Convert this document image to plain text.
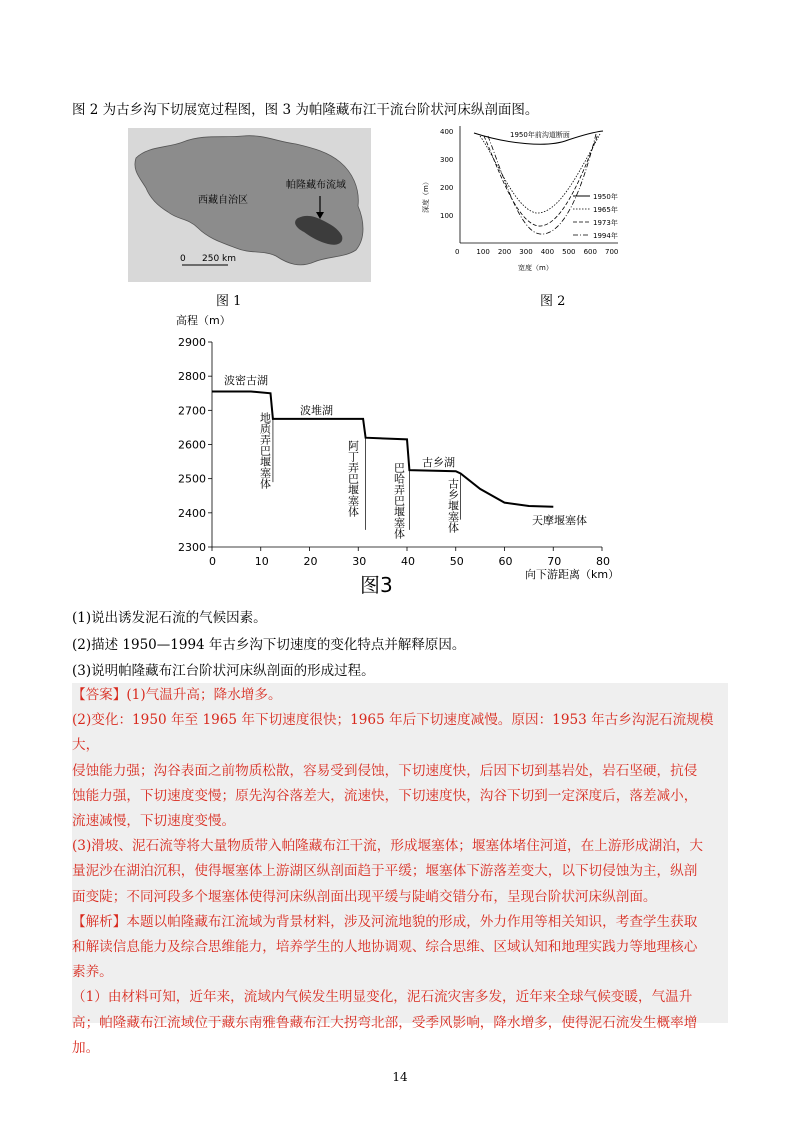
图 2 为古乡沟下切展宽过程图，图 3 为帕隆藏布江干流台阶状河床纵剖面图。
西藏自治区
帕隆藏布流域
0 250 km
图 1
400
300
200
100
0 100 200 300 400 500 600 700
深度（m）
宽度（m）
1950年前沟道断面
1950年
1965年
1973年
1994年
图 2
高程（m）
2300
2400
2500
2600
2700
2800
2900
0	10	20	30	40	50	60	70	80
向下游距离（km）
图3
波密古湖
波堆湖
古乡湖
天摩堰塞体
地质弄巴堰塞体	阿丁弄巴堰塞体	巴哈弄巴堰塞体	古乡堰塞体
(1)说出诱发泥石流的气候因素。
(2)描述 1950—1994 年古乡沟下切速度的变化特点并解释原因。
(3)说明帕隆藏布江台阶状河床纵剖面的形成过程。

【答案】(1)气温升高；降水增多。

(2)变化：1950 年至 1965 年下切速度很快；1965 年后下切速度减慢。原因：1953 年古乡沟泥石流规模大，

侵蚀能力强；沟谷表面之前物质松散，容易受到侵蚀，下切速度快，后因下切到基岩处，岩石坚硬，抗侵

蚀能力强，下切速度变慢；原先沟谷落差大，流速快，下切速度快，沟谷下切到一定深度后，落差减小，

流速减慢，下切速度变慢。

(3)滑坡、泥石流等将大量物质带入帕隆藏布江干流，形成堰塞体；堰塞体堵住河道，在上游形成湖泊，大

量泥沙在湖泊沉积，使得堰塞体上游湖区纵剖面趋于平缓；堰塞体下游落差变大，以下切侵蚀为主，纵剖

面变陡；不同河段多个堰塞体使得河床纵剖面出现平缓与陡峭交错分布，呈现台阶状河床纵剖面。

【解析】本题以帕隆藏布江流域为背景材料，涉及河流地貌的形成，外力作用等相关知识，考查学生获取

和解读信息能力及综合思维能力，培养学生的人地协调观、综合思维、区域认知和地理实践力等地理核心

素养。

（1）由材料可知，近年来，流域内气候发生明显变化，泥石流灾害多发，近年来全球气候变暖，气温升

高；帕隆藏布江流域位于藏东南雅鲁藏布江大拐弯北部，受季风影响，降水增多，使得泥石流发生概率增

加。

14
